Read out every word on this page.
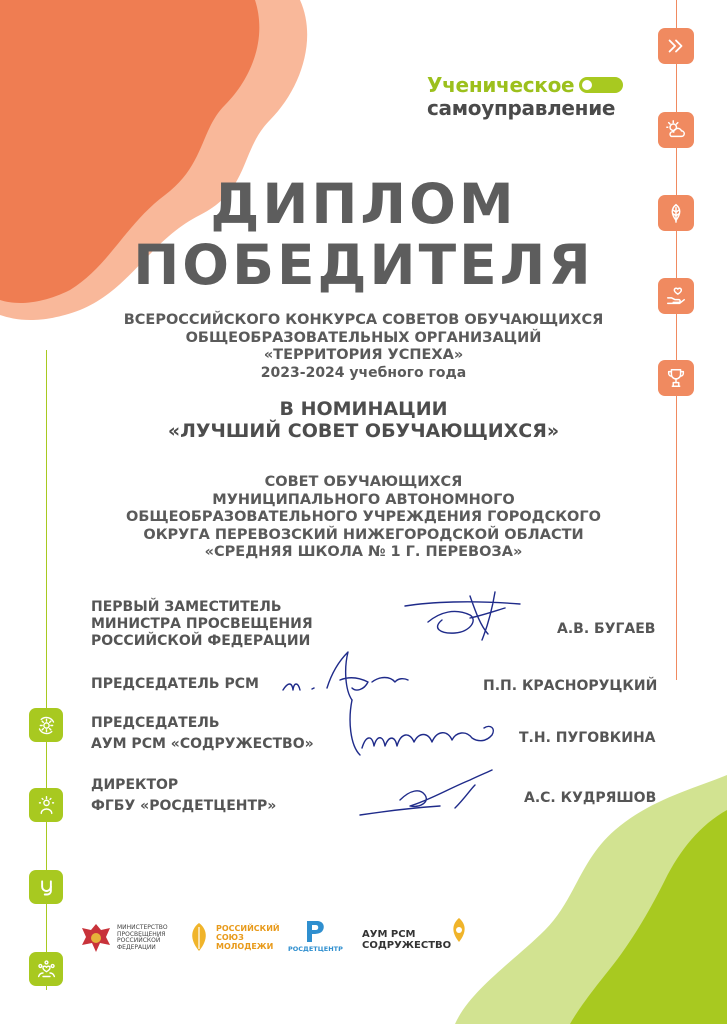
Ученическое
самоуправление
ДИПЛОМ
ПОБЕДИТЕЛЯ
ВСЕРОССИЙСКОГО КОНКУРСА СОВЕТОВ ОБУЧАЮЩИХСЯ
ОБЩЕОБРАЗОВАТЕЛЬНЫХ ОРГАНИЗАЦИЙ
«ТЕРРИТОРИЯ УСПЕХА»
2023-2024 учебного года
В НОМИНАЦИИ
«ЛУЧШИЙ СОВЕТ ОБУЧАЮЩИХСЯ»
СОВЕТ ОБУЧАЮЩИХСЯ
МУНИЦИПАЛЬНОГО АВТОНОМНОГО
ОБЩЕОБРАЗОВАТЕЛЬНОГО УЧРЕЖДЕНИЯ ГОРОДСКОГО
ОКРУГА ПЕРЕВОЗСКИЙ НИЖЕГОРОДСКОЙ ОБЛАСТИ
«СРЕДНЯЯ ШКОЛА № 1 Г. ПЕРЕВОЗА»
ПЕРВЫЙ ЗАМЕСТИТЕЛЬ
МИНИСТРА ПРОСВЕЩЕНИЯ
РОССИЙСКОЙ ФЕДЕРАЦИИ
А.В. БУГАЕВ
ПРЕДСЕДАТЕЛЬ РСМ	П.П. КРАСНОРУЦКИЙ
ПРЕДСЕДАТЕЛЬ
АУМ РСМ «СОДРУЖЕСТВО»	Т.Н. ПУГОВКИНА
ДИРЕКТОР
ФГБУ «РОСДЕТЦЕНТР»	А.С. КУДРЯШОВ
МИНИСТЕРСТВО
ПРОСВЕЩЕНИЯ
РОССИЙСКОЙ
ФЕДЕРАЦИИ
РОССИЙСКИЙ
СОЮЗ
МОЛОДЕЖИ	РОСДЕТЦЕНТР
АУМ РСМ
СОДРУЖЕСТВО
